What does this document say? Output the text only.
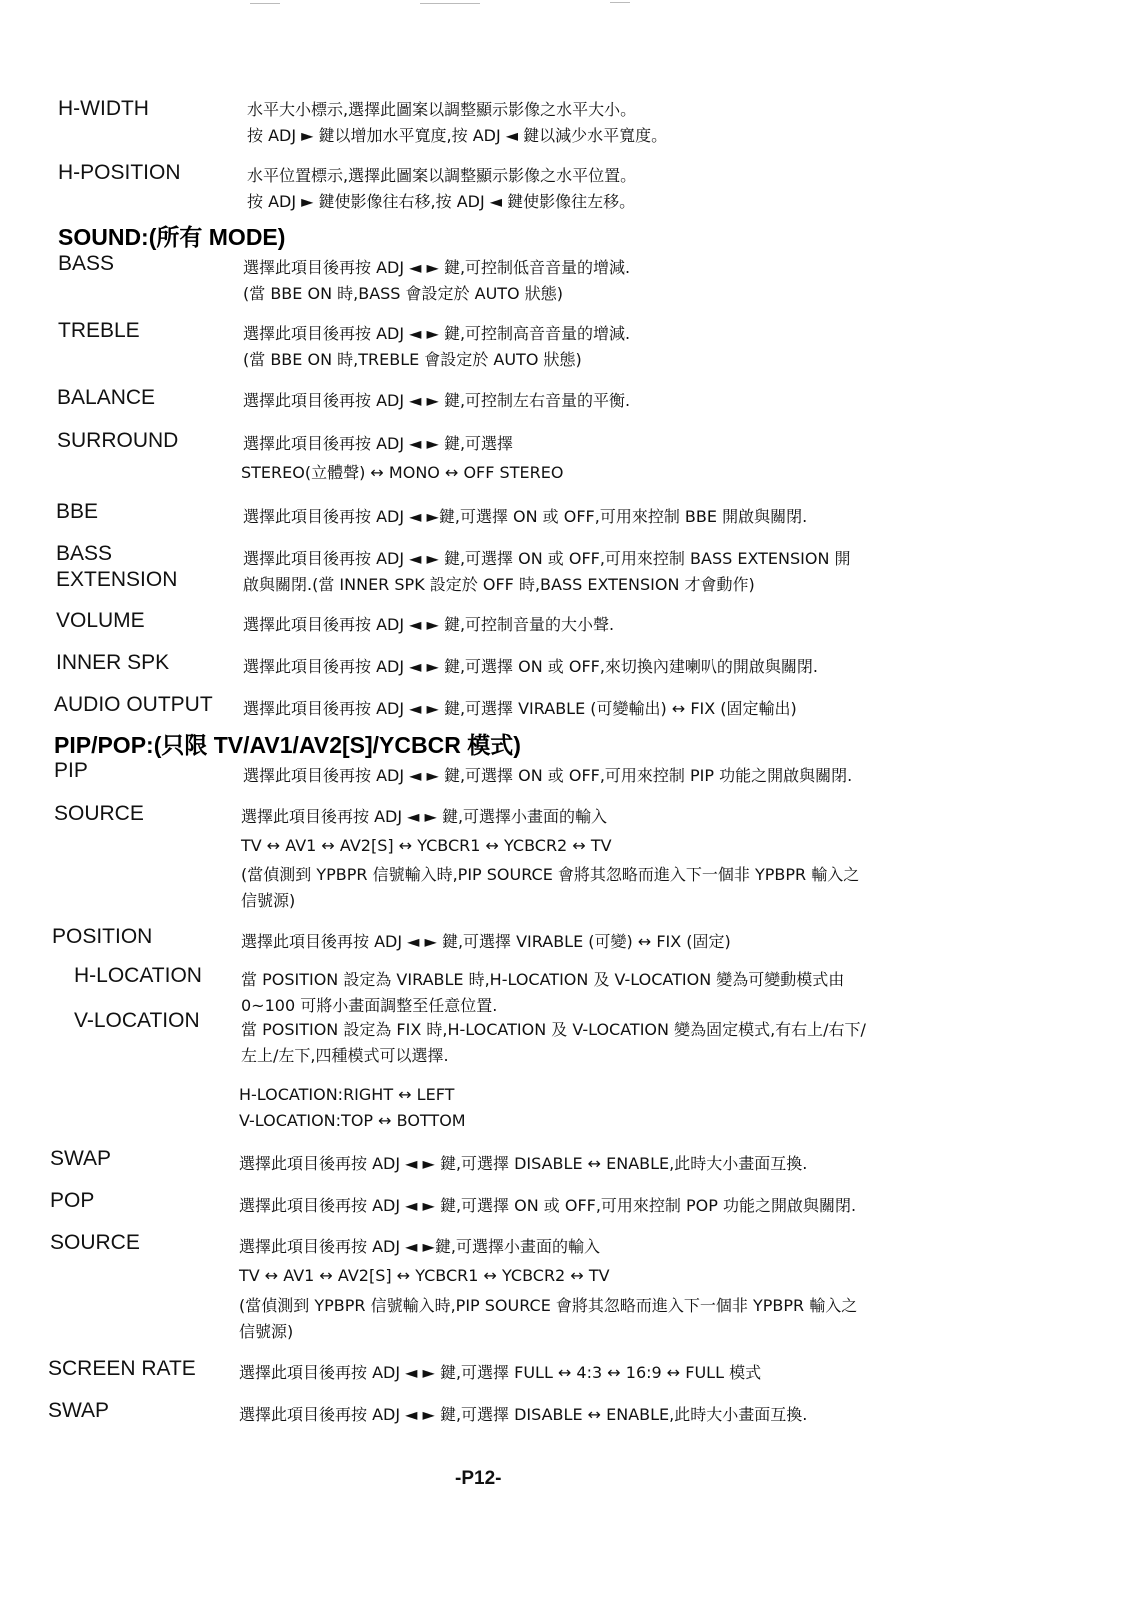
H-WIDTH	水平大小標示,選擇此圖案以調整顯示影像之水平大小。
按 ADJ ► 鍵以增加水平寬度,按 ADJ ◄ 鍵以減少水平寬度。
H-POSITION	水平位置標示,選擇此圖案以調整顯示影像之水平位置。
按 ADJ ► 鍵使影像往右移,按 ADJ ◄ 鍵使影像往左移。
SOUND:(所有 MODE)
BASS	選擇此項目後再按 ADJ ◄ ► 鍵,可控制低音音量的增減.
(當 BBE ON 時,BASS 會設定於 AUTO 狀態)
TREBLE	選擇此項目後再按 ADJ ◄ ► 鍵,可控制高音音量的增減.
(當 BBE ON 時,TREBLE 會設定於 AUTO 狀態)
BALANCE	選擇此項目後再按 ADJ ◄ ► 鍵,可控制左右音量的平衡.
SURROUND	選擇此項目後再按 ADJ ◄ ► 鍵,可選擇
STEREO(立體聲) ↔ MONO ↔ OFF STEREO
BBE	選擇此項目後再按 ADJ ◄ ►鍵,可選擇 ON 或 OFF,可用來控制 BBE 開啟與關閉.
BASS
EXTENSION
選擇此項目後再按 ADJ ◄ ► 鍵,可選擇 ON 或 OFF,可用來控制 BASS EXTENSION 開
啟與關閉.(當 INNER SPK 設定於 OFF 時,BASS EXTENSION 才會動作)
VOLUME	選擇此項目後再按 ADJ ◄ ► 鍵,可控制音量的大小聲.
INNER SPK	選擇此項目後再按 ADJ ◄ ► 鍵,可選擇 ON 或 OFF,來切換內建喇叭的開啟與關閉.
AUDIO OUTPUT 選擇此項目後再按 ADJ ◄ ► 鍵,可選擇 VIRABLE (可變輸出) ↔ FIX (固定輸出)
PIP/POP:(只限 TV/AV1/AV2[S]/YCBCR 模式)
PIP	選擇此項目後再按 ADJ ◄ ► 鍵,可選擇 ON 或 OFF,可用來控制 PIP 功能之開啟與關閉.
SOURCE	選擇此項目後再按 ADJ ◄ ► 鍵,可選擇小畫面的輸入
TV ↔ AV1 ↔ AV2[S] ↔ YCBCR1 ↔ YCBCR2 ↔ TV
(當偵測到 YPBPR 信號輸入時,PIP SOURCE 會將其忽略而進入下一個非 YPBPR 輸入之
信號源)
POSITION	選擇此項目後再按 ADJ ◄ ► 鍵,可選擇 VIRABLE (可變) ↔ FIX (固定)
H-LOCATION 當 POSITION 設定為 VIRABLE 時,H-LOCATION 及 V-LOCATION 變為可變動模式由
0~100 可將小畫面調整至任意位置.
V-LOCATION	當 POSITION 設定為 FIX 時,H-LOCATION 及 V-LOCATION 變為固定模式,有右上/右下/
左上/左下,四種模式可以選擇.
H-LOCATION:RIGHT ↔ LEFT
V-LOCATION:TOP ↔ BOTTOM
SWAP	選擇此項目後再按 ADJ ◄ ► 鍵,可選擇 DISABLE ↔ ENABLE,此時大小畫面互換.
POP	選擇此項目後再按 ADJ ◄ ► 鍵,可選擇 ON 或 OFF,可用來控制 POP 功能之開啟與關閉.
SOURCE	選擇此項目後再按 ADJ ◄ ►鍵,可選擇小畫面的輸入
TV ↔ AV1 ↔ AV2[S] ↔ YCBCR1 ↔ YCBCR2 ↔ TV
(當偵測到 YPBPR 信號輸入時,PIP SOURCE 會將其忽略而進入下一個非 YPBPR 輸入之
信號源)
SCREEN RATE	選擇此項目後再按 ADJ ◄ ► 鍵,可選擇 FULL ↔ 4:3 ↔ 16:9 ↔ FULL 模式
SWAP	選擇此項目後再按 ADJ ◄ ► 鍵,可選擇 DISABLE ↔ ENABLE,此時大小畫面互換.
-P12-
